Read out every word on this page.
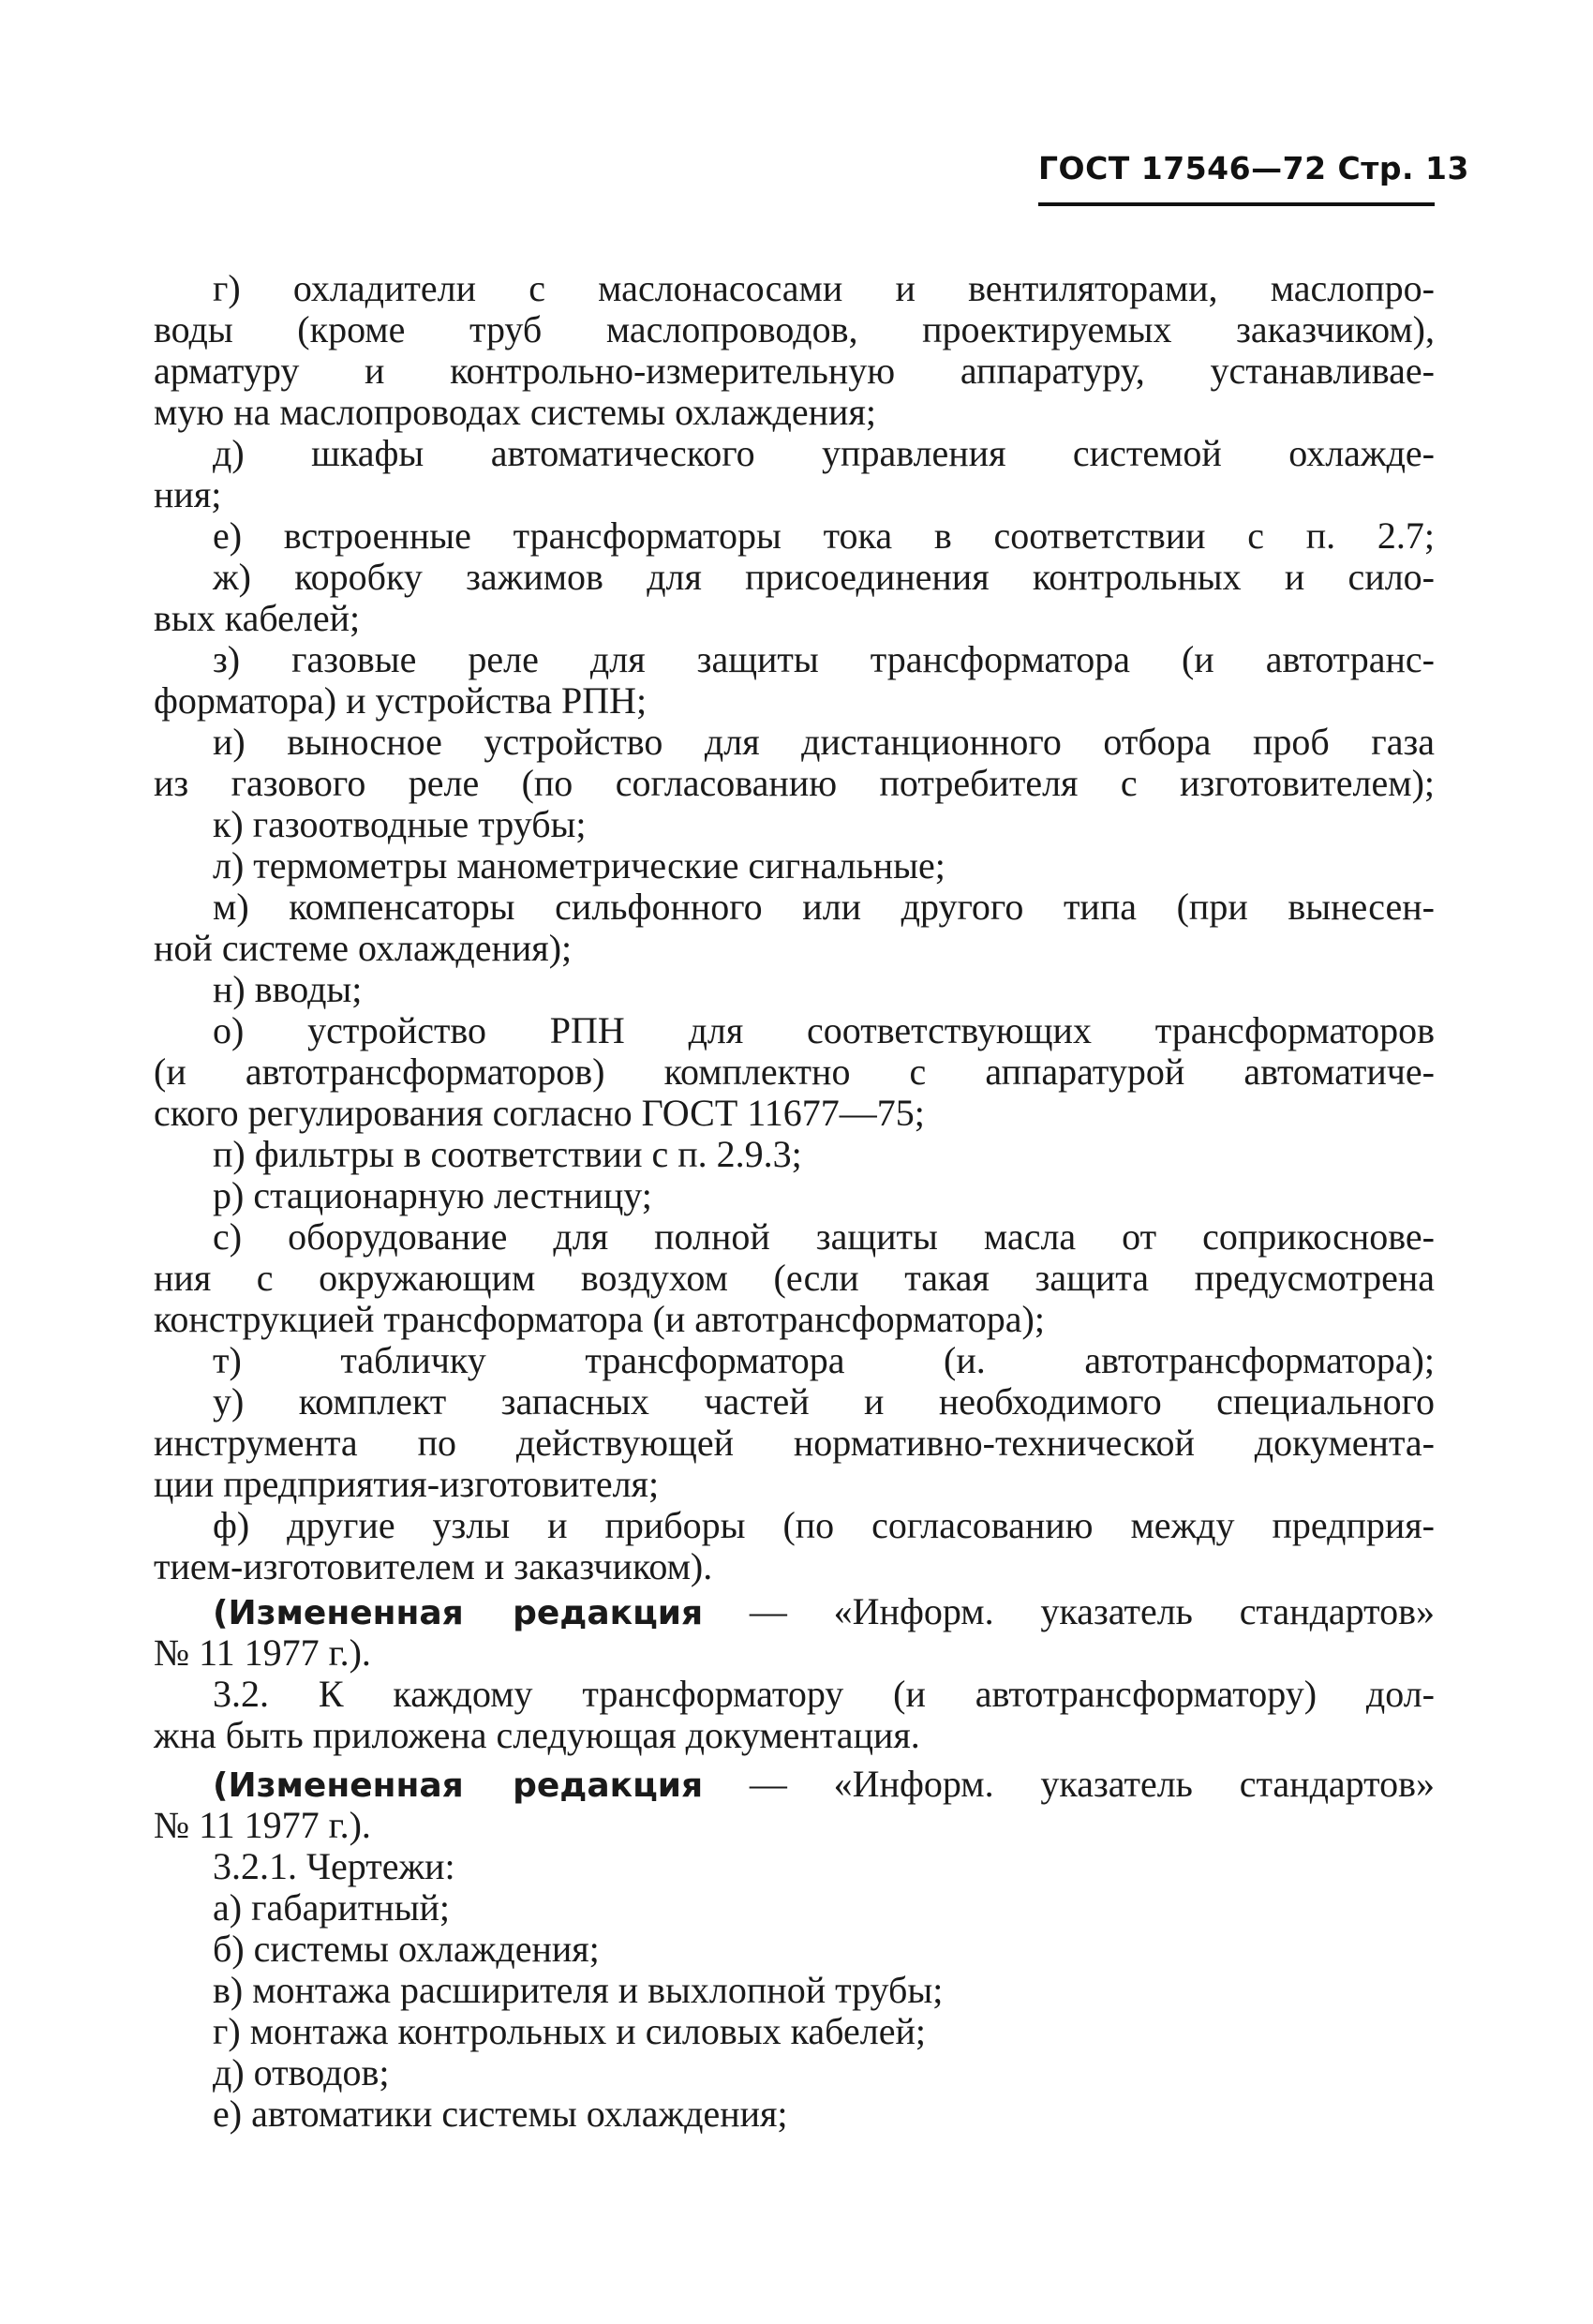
ГОСТ 17546—72 Стр. 13
г) охладители с маслонасосами и вентиляторами, маслопро-
воды (кроме труб маслопроводов, проектируемых заказчиком),
арматуру и контрольно-измерительную аппаратуру, устанавливае-
мую на маслопроводах системы охлаждения;
д) шкафы автоматического управления системой охлажде-
ния;
е) встроенные трансформаторы тока в соответствии с п. 2.7;
ж) коробку зажимов для присоединения контрольных и сило-
вых кабелей;
з) газовые реле для защиты трансформатора (и автотранс-
форматора) и устройства РПН;
и) выносное устройство для дистанционного отбора проб газа
из газового реле (по согласованию потребителя с изготовителем);
к) газоотводные трубы;
л) термометры манометрические сигнальные;
м) компенсаторы сильфонного или другого типа (при вынесен-
ной системе охлаждения);
н) вводы;
о) устройство РПН для соответствующих трансформаторов
(и автотрансформаторов) комплектно с аппаратурой автоматиче-
ского регулирования согласно ГОСТ 11677—75;
п) фильтры в соответствии с п. 2.9.3;
р) стационарную лестницу;
с) оборудование для полной защиты масла от соприкоснове-
ния с окружающим воздухом (если такая защита предусмотрена
конструкцией трансформатора (и автотрансформатора);
т) табличку трансформатора (и. автотрансформатора);
у) комплект запасных частей и необходимого специального
инструмента по действующей нормативно-технической документа-
ции предприятия-изготовителя;
ф) другие узлы и приборы (по согласованию между предприя-
тием-изготовителем и заказчиком).
(Измененная редакция — «Информ. указатель стандартов»
№ 11 1977 г.).
3.2. К каждому трансформатору (и автотрансформатору) дол-
жна быть приложена следующая документация.
(Измененная редакция — «Информ. указатель стандартов»
№ 11 1977 г.).
3.2.1. Чертежи:
а) габаритный;
б) системы охлаждения;
в) монтажа расширителя и выхлопной трубы;
г) монтажа контрольных и силовых кабелей;
д) отводов;
е) автоматики системы охлаждения;
